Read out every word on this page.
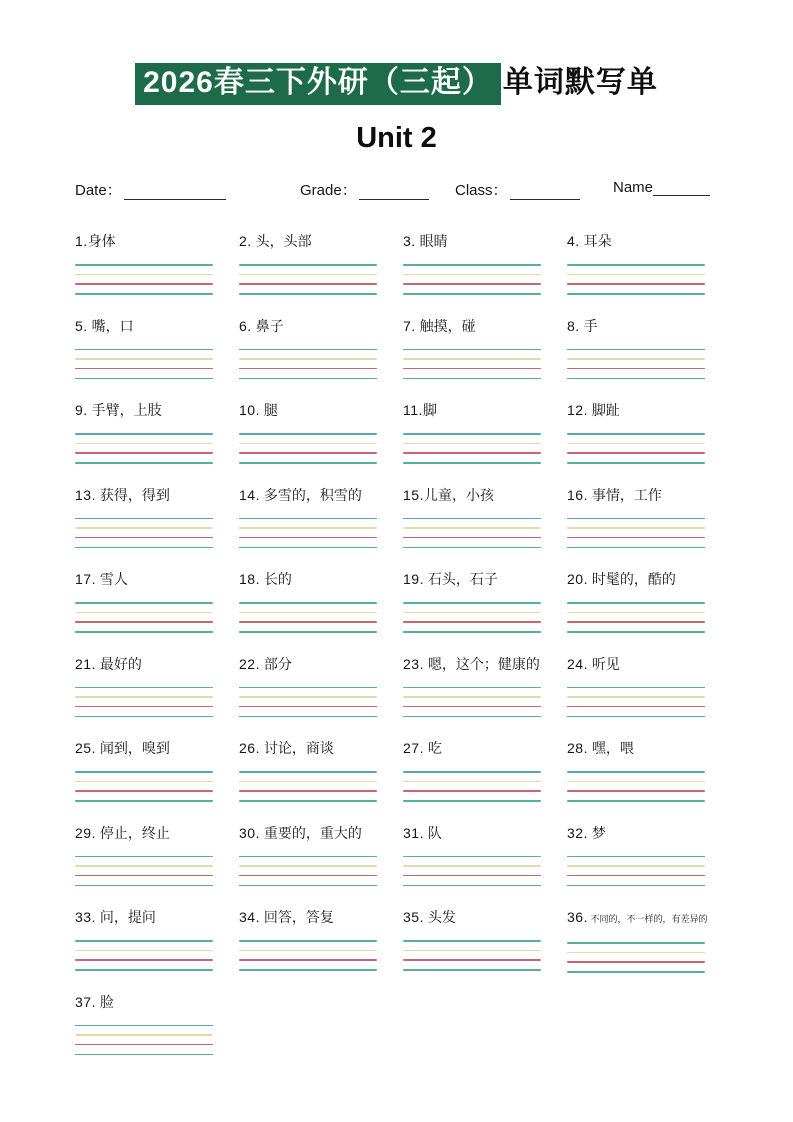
2026春三下外研（三起） 单词默写单
Unit 2
Date：	Grade：	Class：	Name
1.身体	2. 头，头部	3. 眼睛	4. 耳朵
5. 嘴，口	6. 鼻子	7. 触摸，碰	8. 手
9. 手臂，上肢	10. 腿	11.脚	12. 脚趾
13. 获得，得到	14. 多雪的，积雪的	15.儿童，小孩	16. 事情，工作
17. 雪人	18. 长的	19. 石头，石子	20. 时髦的，酷的
21. 最好的	22. 部分	23. 嗯，这个；健康的	24. 听见
25. 闻到，嗅到	26. 讨论，商谈	27. 吃	28. 嘿，喂
29. 停止，终止	30. 重要的，重大的	31. 队	32. 梦
33. 问，提问	34. 回答，答复	35. 头发	36. 不同的，不一样的，有差异的
37. 脸
